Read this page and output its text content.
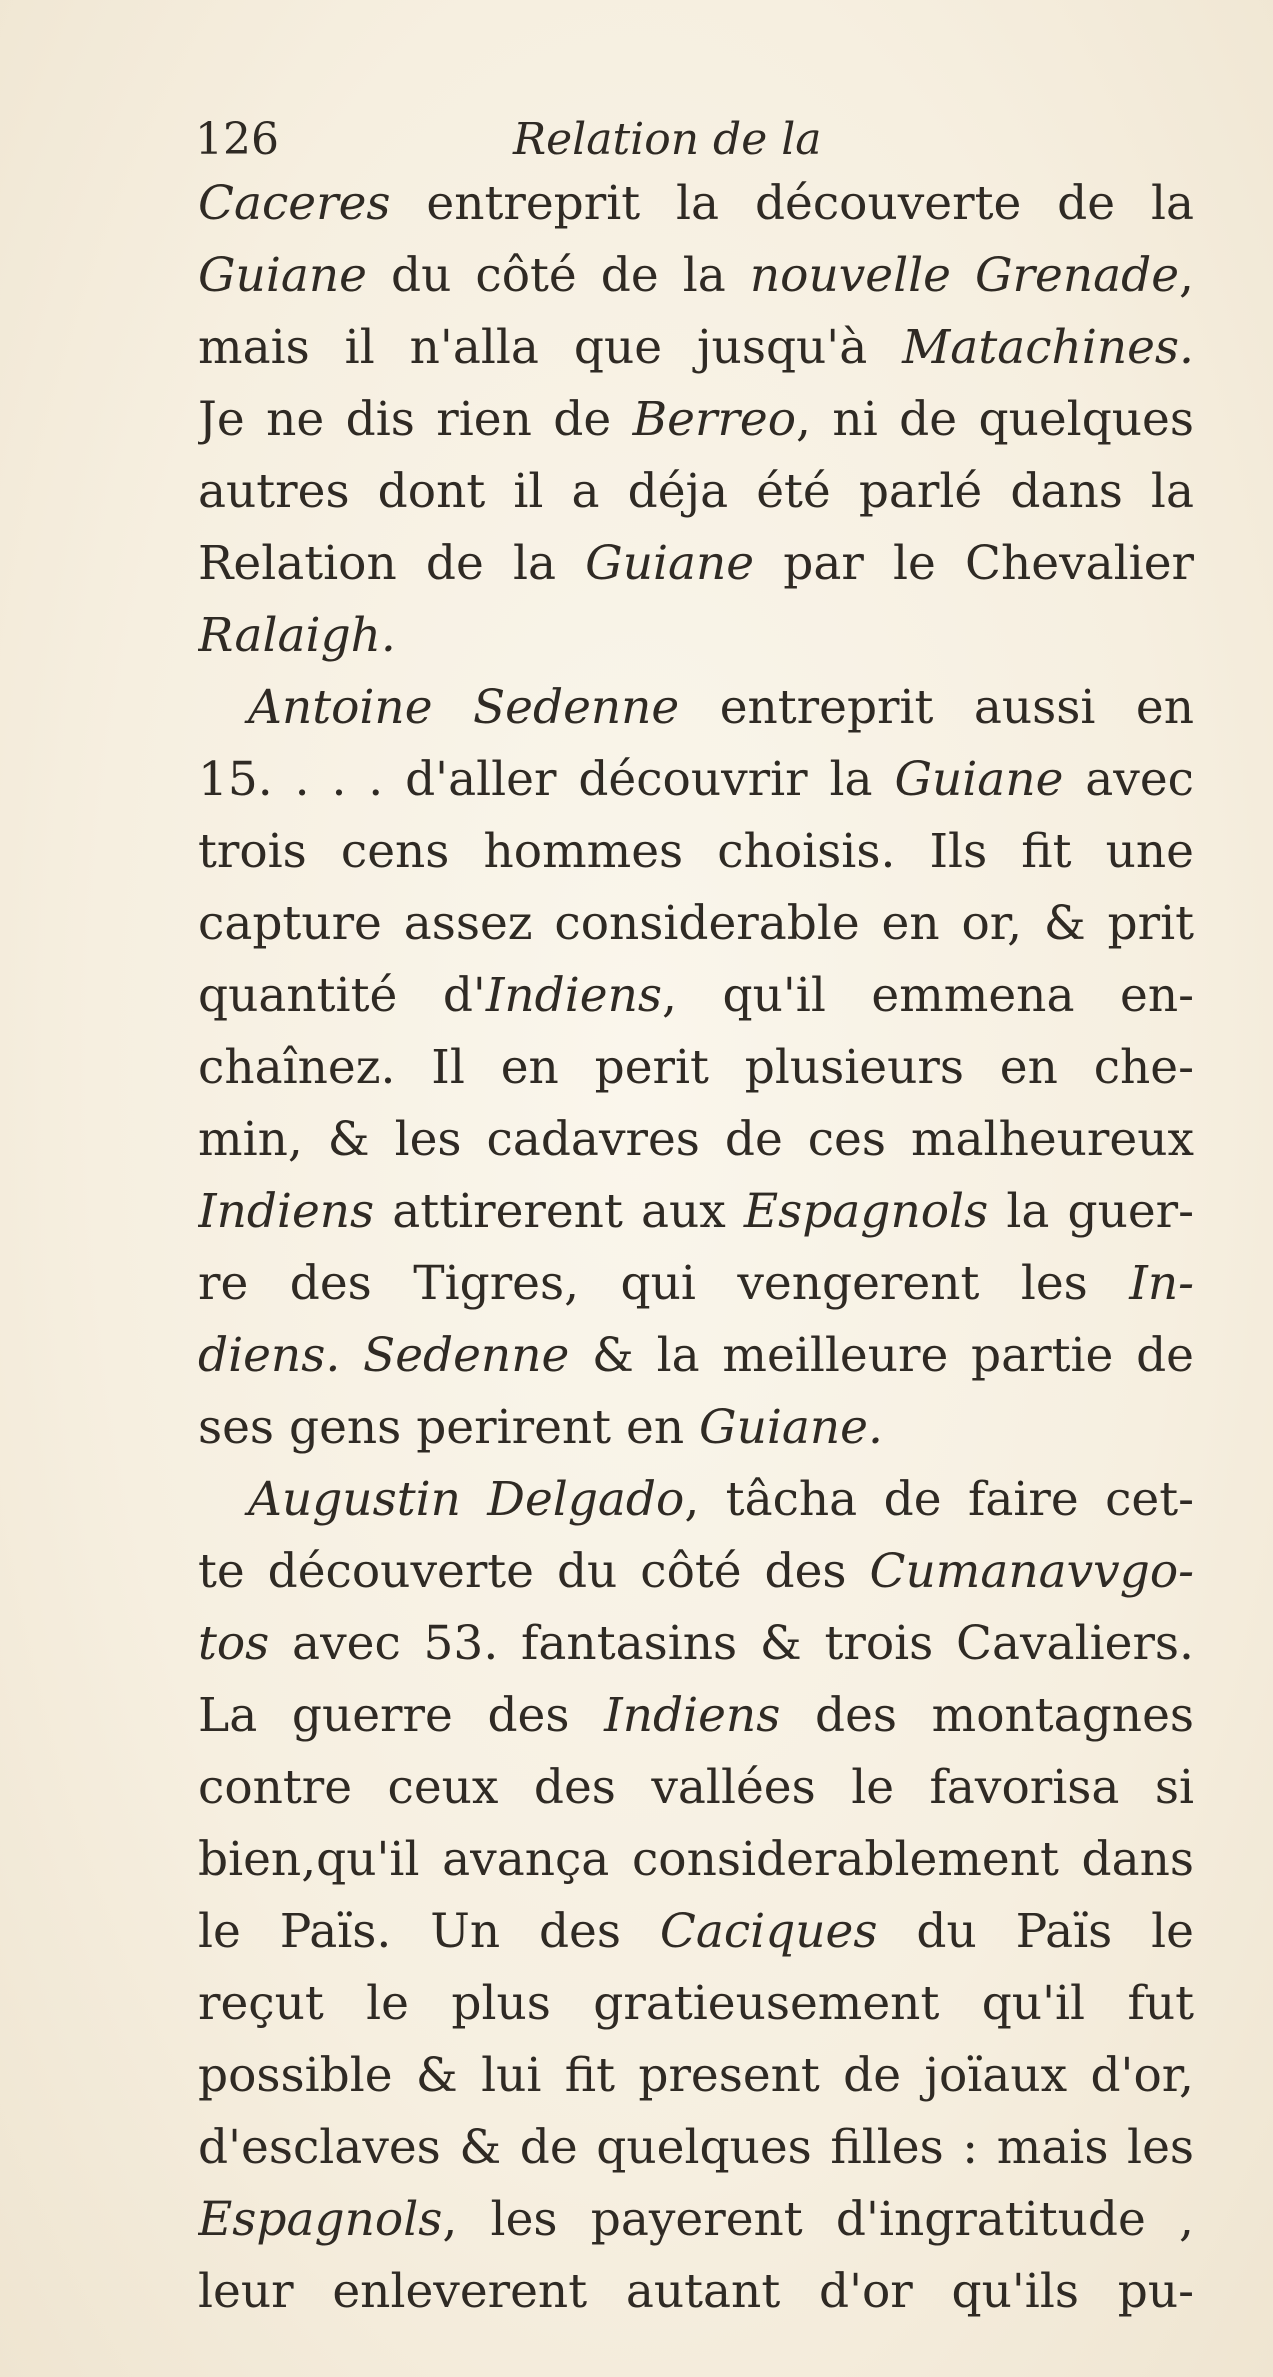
126	Relation de la
Caceres entreprit la découverte de la
Guiane du côté de la nouvelle Grenade,
mais il n'alla que jusqu'à Matachines.
Je ne dis rien de Berreo, ni de quelques
autres dont il a déja été parlé dans la
Relation de la Guiane par le Chevalier
Ralaigh.
Antoine Sedenne entreprit aussi en
15. . . . d'aller découvrir la Guiane avec
trois cens hommes choisis. Ils fit une
capture assez considerable en or, & prit
quantité d'Indiens, qu'il emmena en-
chaînez. Il en perit plusieurs en che-
min, & les cadavres de ces malheureux
Indiens attirerent aux Espagnols la guer-
re des Tigres, qui vengerent les In-
diens. Sedenne & la meilleure partie de
ses gens perirent en Guiane.
Augustin Delgado, tâcha de faire cet-
te découverte du côté des Cumanavvgo-
tos avec 53. fantasins & trois Cavaliers.
La guerre des Indiens des montagnes
contre ceux des vallées le favorisa si
bien,qu'il avança considerablement dans
le Païs. Un des Caciques du Païs le
reçut le plus gratieusement qu'il fut
possible & lui fit present de joïaux d'or,
d'esclaves & de quelques filles : mais les
Espagnols, les payerent d'ingratitude ,
leur enleverent autant d'or qu'ils pu-
